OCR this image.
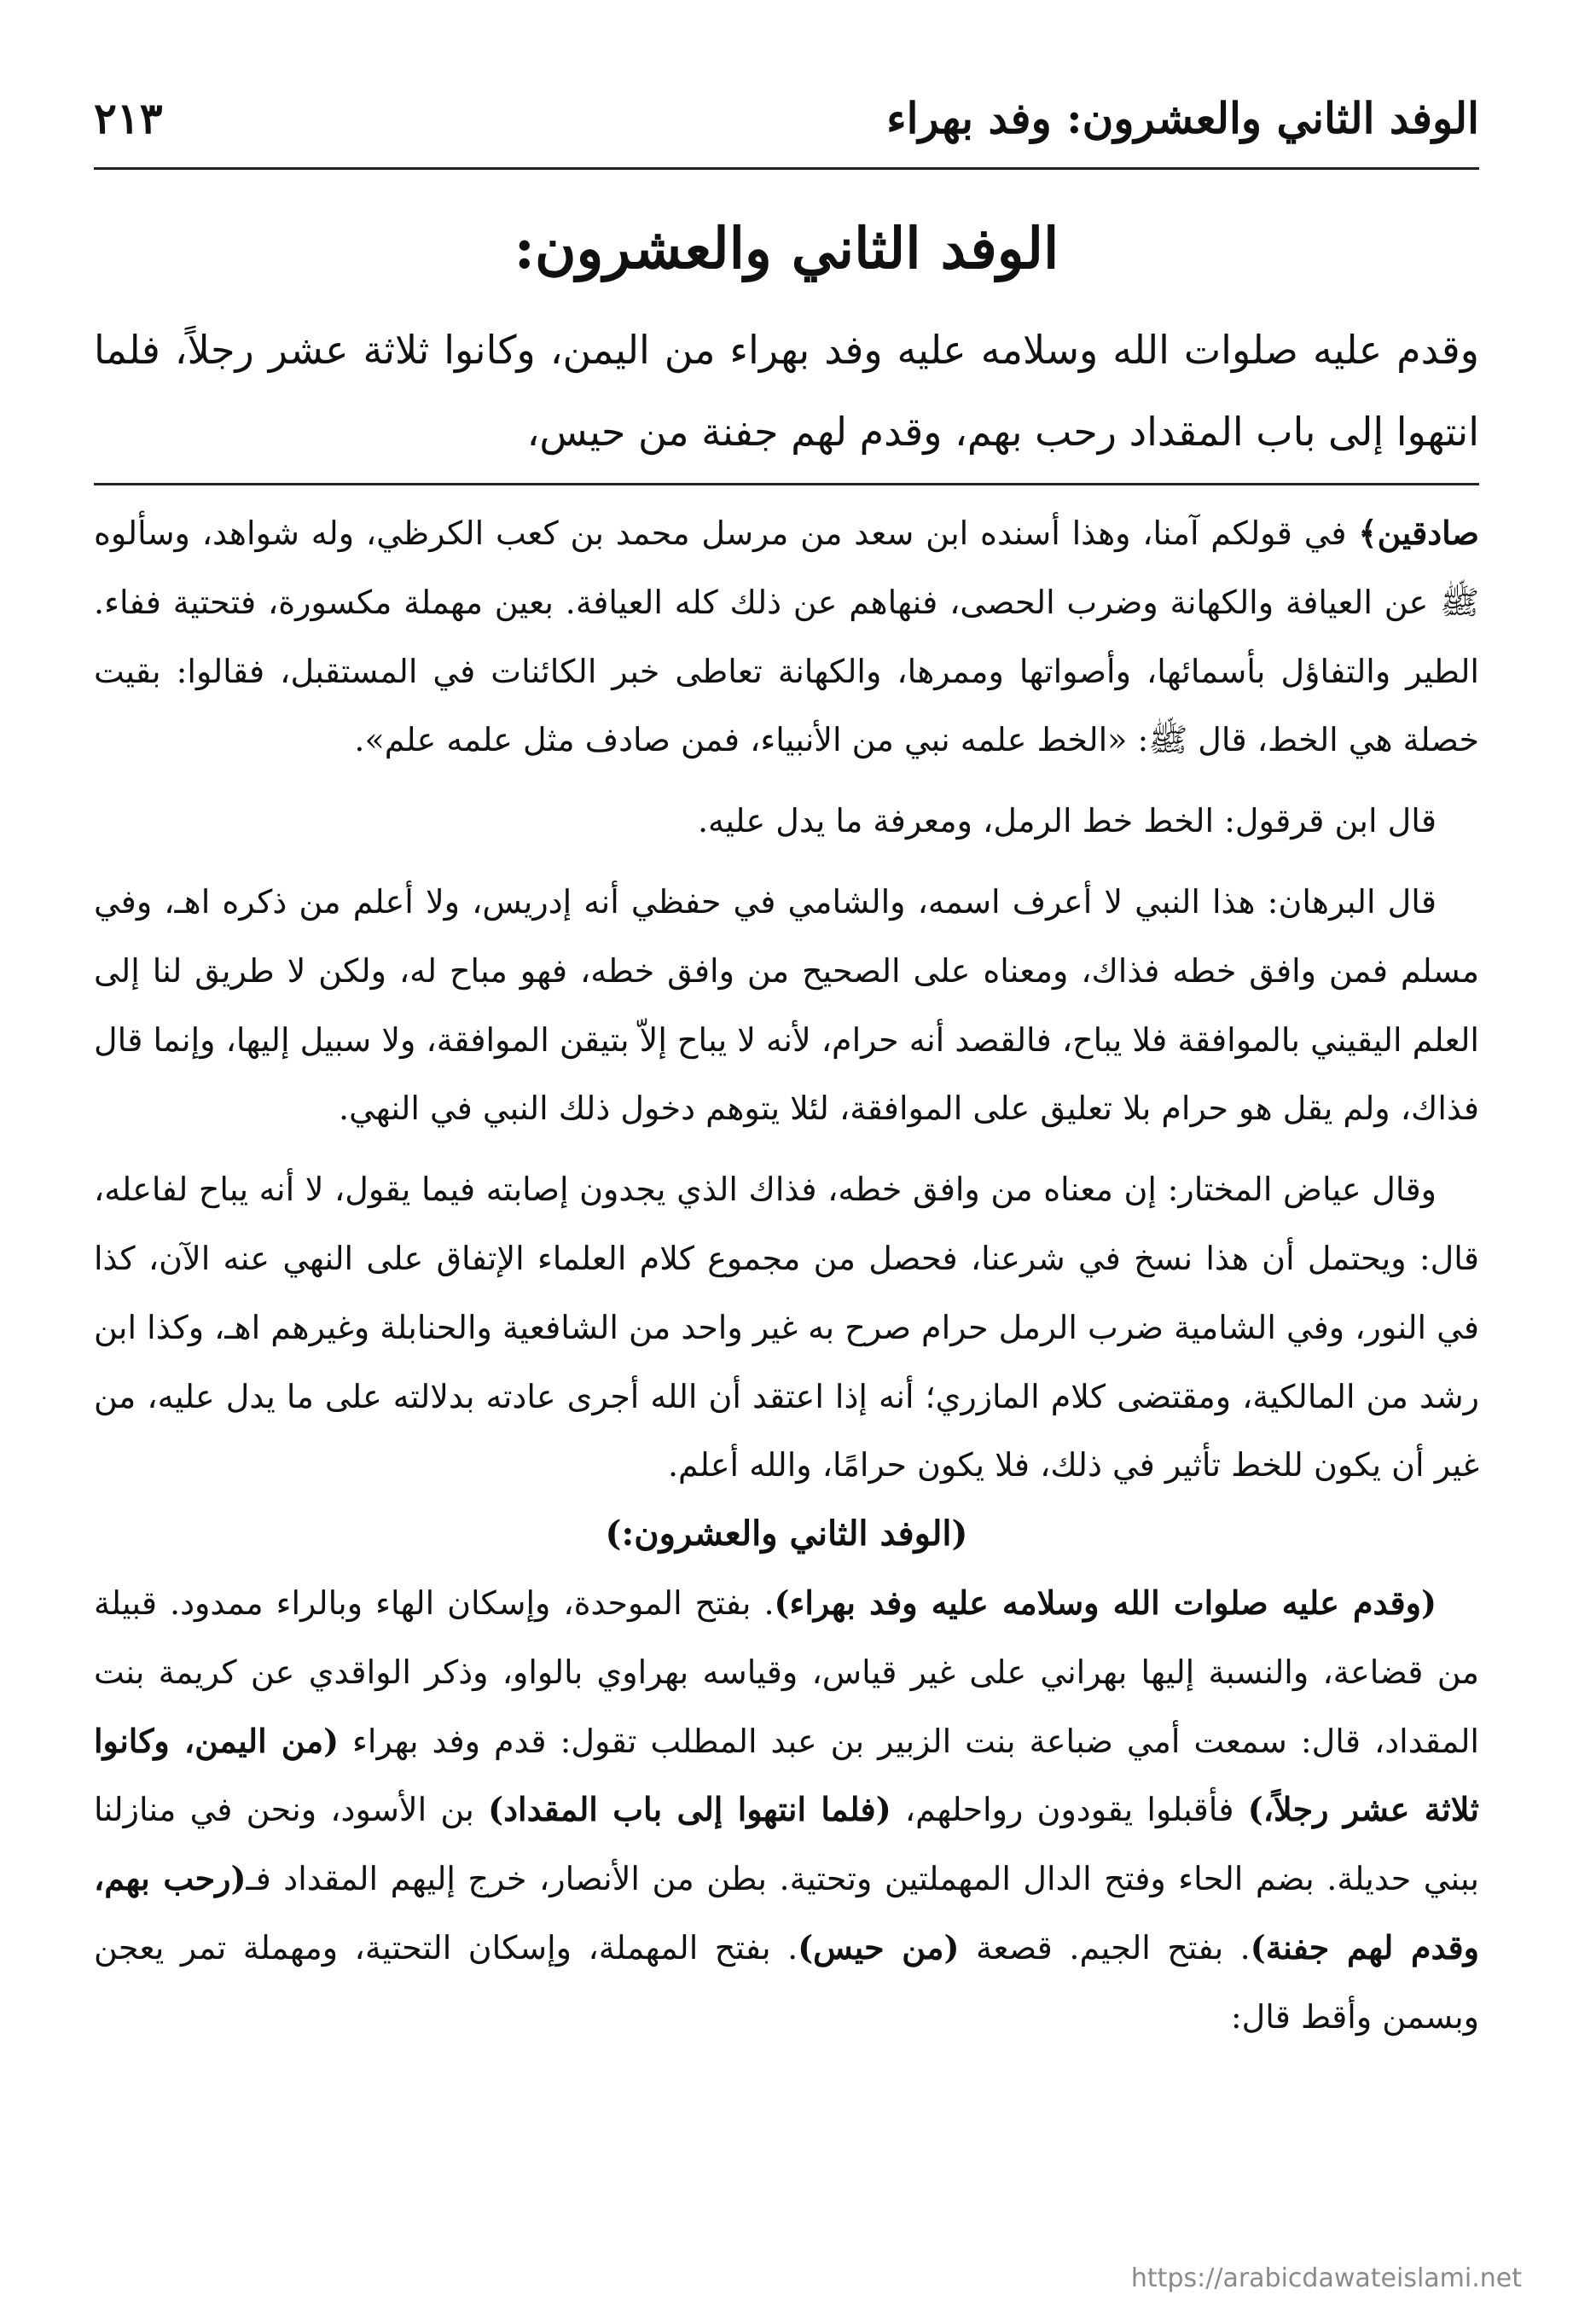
الوفد الثاني والعشرون: وفد بهراء
٢١٣
الوفد الثاني والعشرون:

وقدم عليه صلوات الله وسلامه عليه وفد بهراء من اليمن، وكانوا ثلاثة عشر رجلاً، فلما انتهوا إلى باب المقداد رحب بهم، وقدم لهم جفنة من حيس،

صادقين﴾ في قولكم آمنا، وهذا أسنده ابن سعد من مرسل محمد بن كعب الكرظي، وله شواهد، وسألوه ﷺ عن العيافة والكهانة وضرب الحصى، فنهاهم عن ذلك كله العيافة. بعين مهملة مكسورة، فتحتية ففاء. الطير والتفاؤل بأسمائها، وأصواتها وممرها، والكهانة تعاطى خبر الكائنات في المستقبل، فقالوا: بقيت خصلة هي الخط، قال ﷺ: «الخط علمه نبي من الأنبياء، فمن صادف مثل علمه علم».

قال ابن قرقول: الخط خط الرمل، ومعرفة ما يدل عليه.

قال البرهان: هذا النبي لا أعرف اسمه، والشامي في حفظي أنه إدريس، ولا أعلم من ذكره اهـ، وفي مسلم فمن وافق خطه فذاك، ومعناه على الصحيح من وافق خطه، فهو مباح له، ولكن لا طريق لنا إلى العلم اليقيني بالموافقة فلا يباح، فالقصد أنه حرام، لأنه لا يباح إلاّ بتيقن الموافقة، ولا سبيل إليها، وإنما قال فذاك، ولم يقل هو حرام بلا تعليق على الموافقة، لئلا يتوهم دخول ذلك النبي في النهي.

وقال عياض المختار: إن معناه من وافق خطه، فذاك الذي يجدون إصابته فيما يقول، لا أنه يباح لفاعله، قال: ويحتمل أن هذا نسخ في شرعنا، فحصل من مجموع كلام العلماء الإتفاق على النهي عنه الآن، كذا في النور، وفي الشامية ضرب الرمل حرام صرح به غير واحد من الشافعية والحنابلة وغيرهم اهـ، وكذا ابن رشد من المالكية، ومقتضى كلام المازري؛ أنه إذا اعتقد أن الله أجرى عادته بدلالته على ما يدل عليه، من غير أن يكون للخط تأثير في ذلك، فلا يكون حرامًا، والله أعلم.

(الوفد الثاني والعشرون:)

(وقدم عليه صلوات الله وسلامه عليه وفد بهراء). بفتح الموحدة، وإسكان الهاء وبالراء ممدود. قبيلة من قضاعة، والنسبة إليها بهراني على غير قياس، وقياسه بهراوي بالواو، وذكر الواقدي عن كريمة بنت المقداد، قال: سمعت أمي ضباعة بنت الزبير بن عبد المطلب تقول: قدم وفد بهراء (من اليمن، وكانوا ثلاثة عشر رجلاً،) فأقبلوا يقودون رواحلهم، (فلما انتهوا إلى باب المقداد) بن الأسود، ونحن في منازلنا ببني حديلة. بضم الحاء وفتح الدال المهملتين وتحتية. بطن من الأنصار، خرج إليهم المقداد فـ(رحب بهم، وقدم لهم جفنة). بفتح الجيم. قصعة (من حيس). بفتح المهملة، وإسكان التحتية، ومهملة تمر يعجن وبسمن وأقط قال:

https://arabicdawateislami.net
